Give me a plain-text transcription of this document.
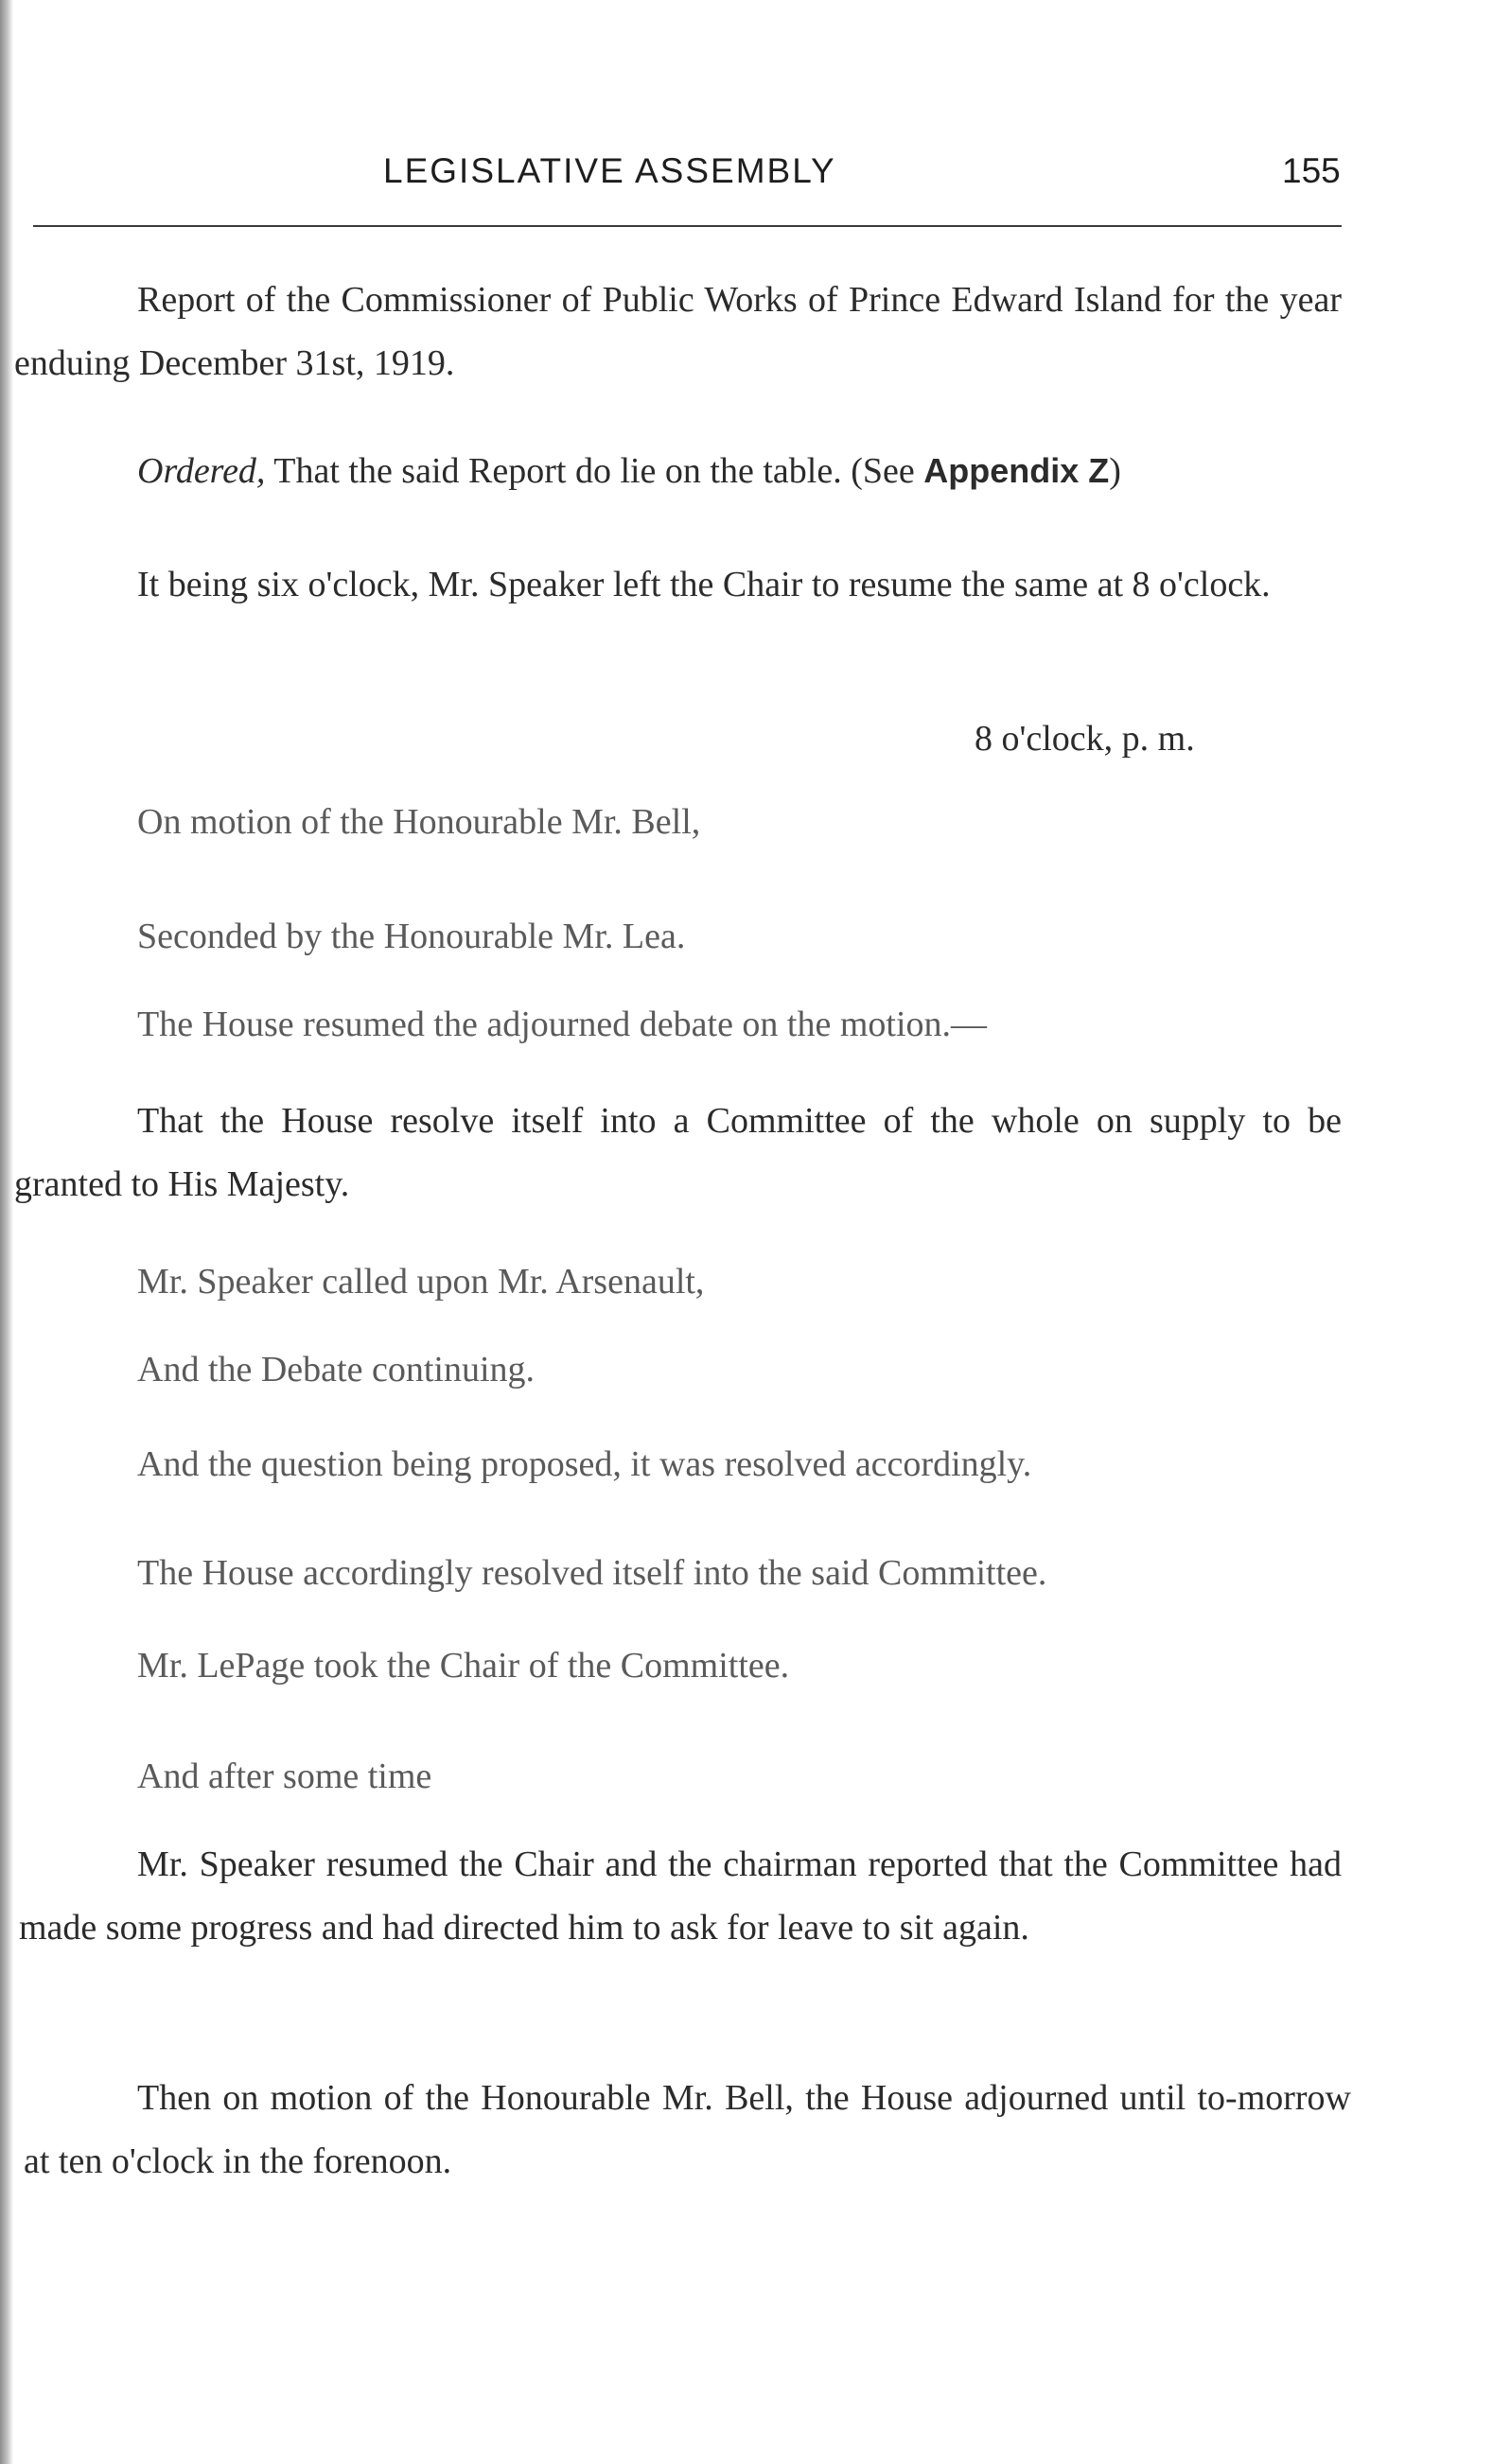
LEGISLATIVE ASSEMBLY	155

Report of the Commissioner of Public Works of Prince Edward Island for the year enduing December 31st, 1919.

Ordered, That the said Report do lie on the table. (See Appendix Z)

It being six o'clock, Mr. Speaker left the Chair to resume the same at 8 o'clock.

8 o'clock, p. m.

On motion of the Honourable Mr. Bell,

Seconded by the Honourable Mr. Lea.

The House resumed the adjourned debate on the motion.—

That the House resolve itself into a Committee of the whole on supply to be granted to His Majesty.

Mr. Speaker called upon Mr. Arsenault,

And the Debate continuing.

And the question being proposed, it was resolved accordingly.

The House accordingly resolved itself into the said Committee.

Mr. LePage took the Chair of the Committee.

And after some time

Mr. Speaker resumed the Chair and the chairman reported that the Committee had made some progress and had directed him to ask for leave to sit again.

Then on motion of the Honourable Mr. Bell, the House adjourned until to-morrow at ten o'clock in the forenoon.
